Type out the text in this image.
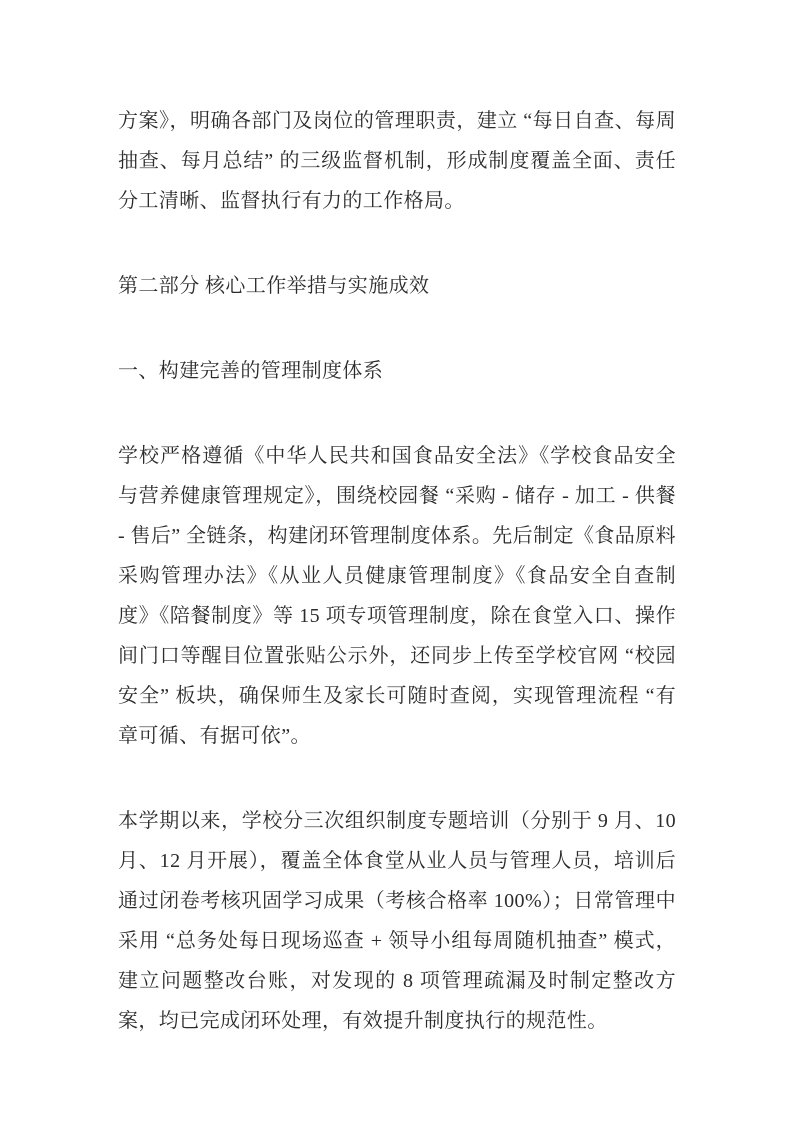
方案》，明确各部门及岗位的管理职责，建立 “每日自查、每周抽查、每月总结” 的三级监督机制，形成制度覆盖全面、责任分工清晰、监督执行有力的工作格局。

第二部分 核心工作举措与实施成效

一、构建完善的管理制度体系

学校严格遵循《中华人民共和国食品安全法》《学校食品安全与营养健康管理规定》，围绕校园餐 “采购 - 储存 - 加工 - 供餐 - 售后” 全链条，构建闭环管理制度体系。先后制定《食品原料采购管理办法》《从业人员健康管理制度》《食品安全自查制度》《陪餐制度》等 15 项专项管理制度，除在食堂入口、操作间门口等醒目位置张贴公示外，还同步上传至学校官网 “校园安全” 板块，确保师生及家长可随时查阅，实现管理流程 “有章可循、有据可依”。

本学期以来，学校分三次组织制度专题培训（分别于 9 月、10 月、12 月开展），覆盖全体食堂从业人员与管理人员，培训后通过闭卷考核巩固学习成果（考核合格率 100%）；日常管理中采用 “总务处每日现场巡查 + 领导小组每周随机抽查” 模式，建立问题整改台账，对发现的 8 项管理疏漏及时制定整改方案，均已完成闭环处理，有效提升制度执行的规范性。
